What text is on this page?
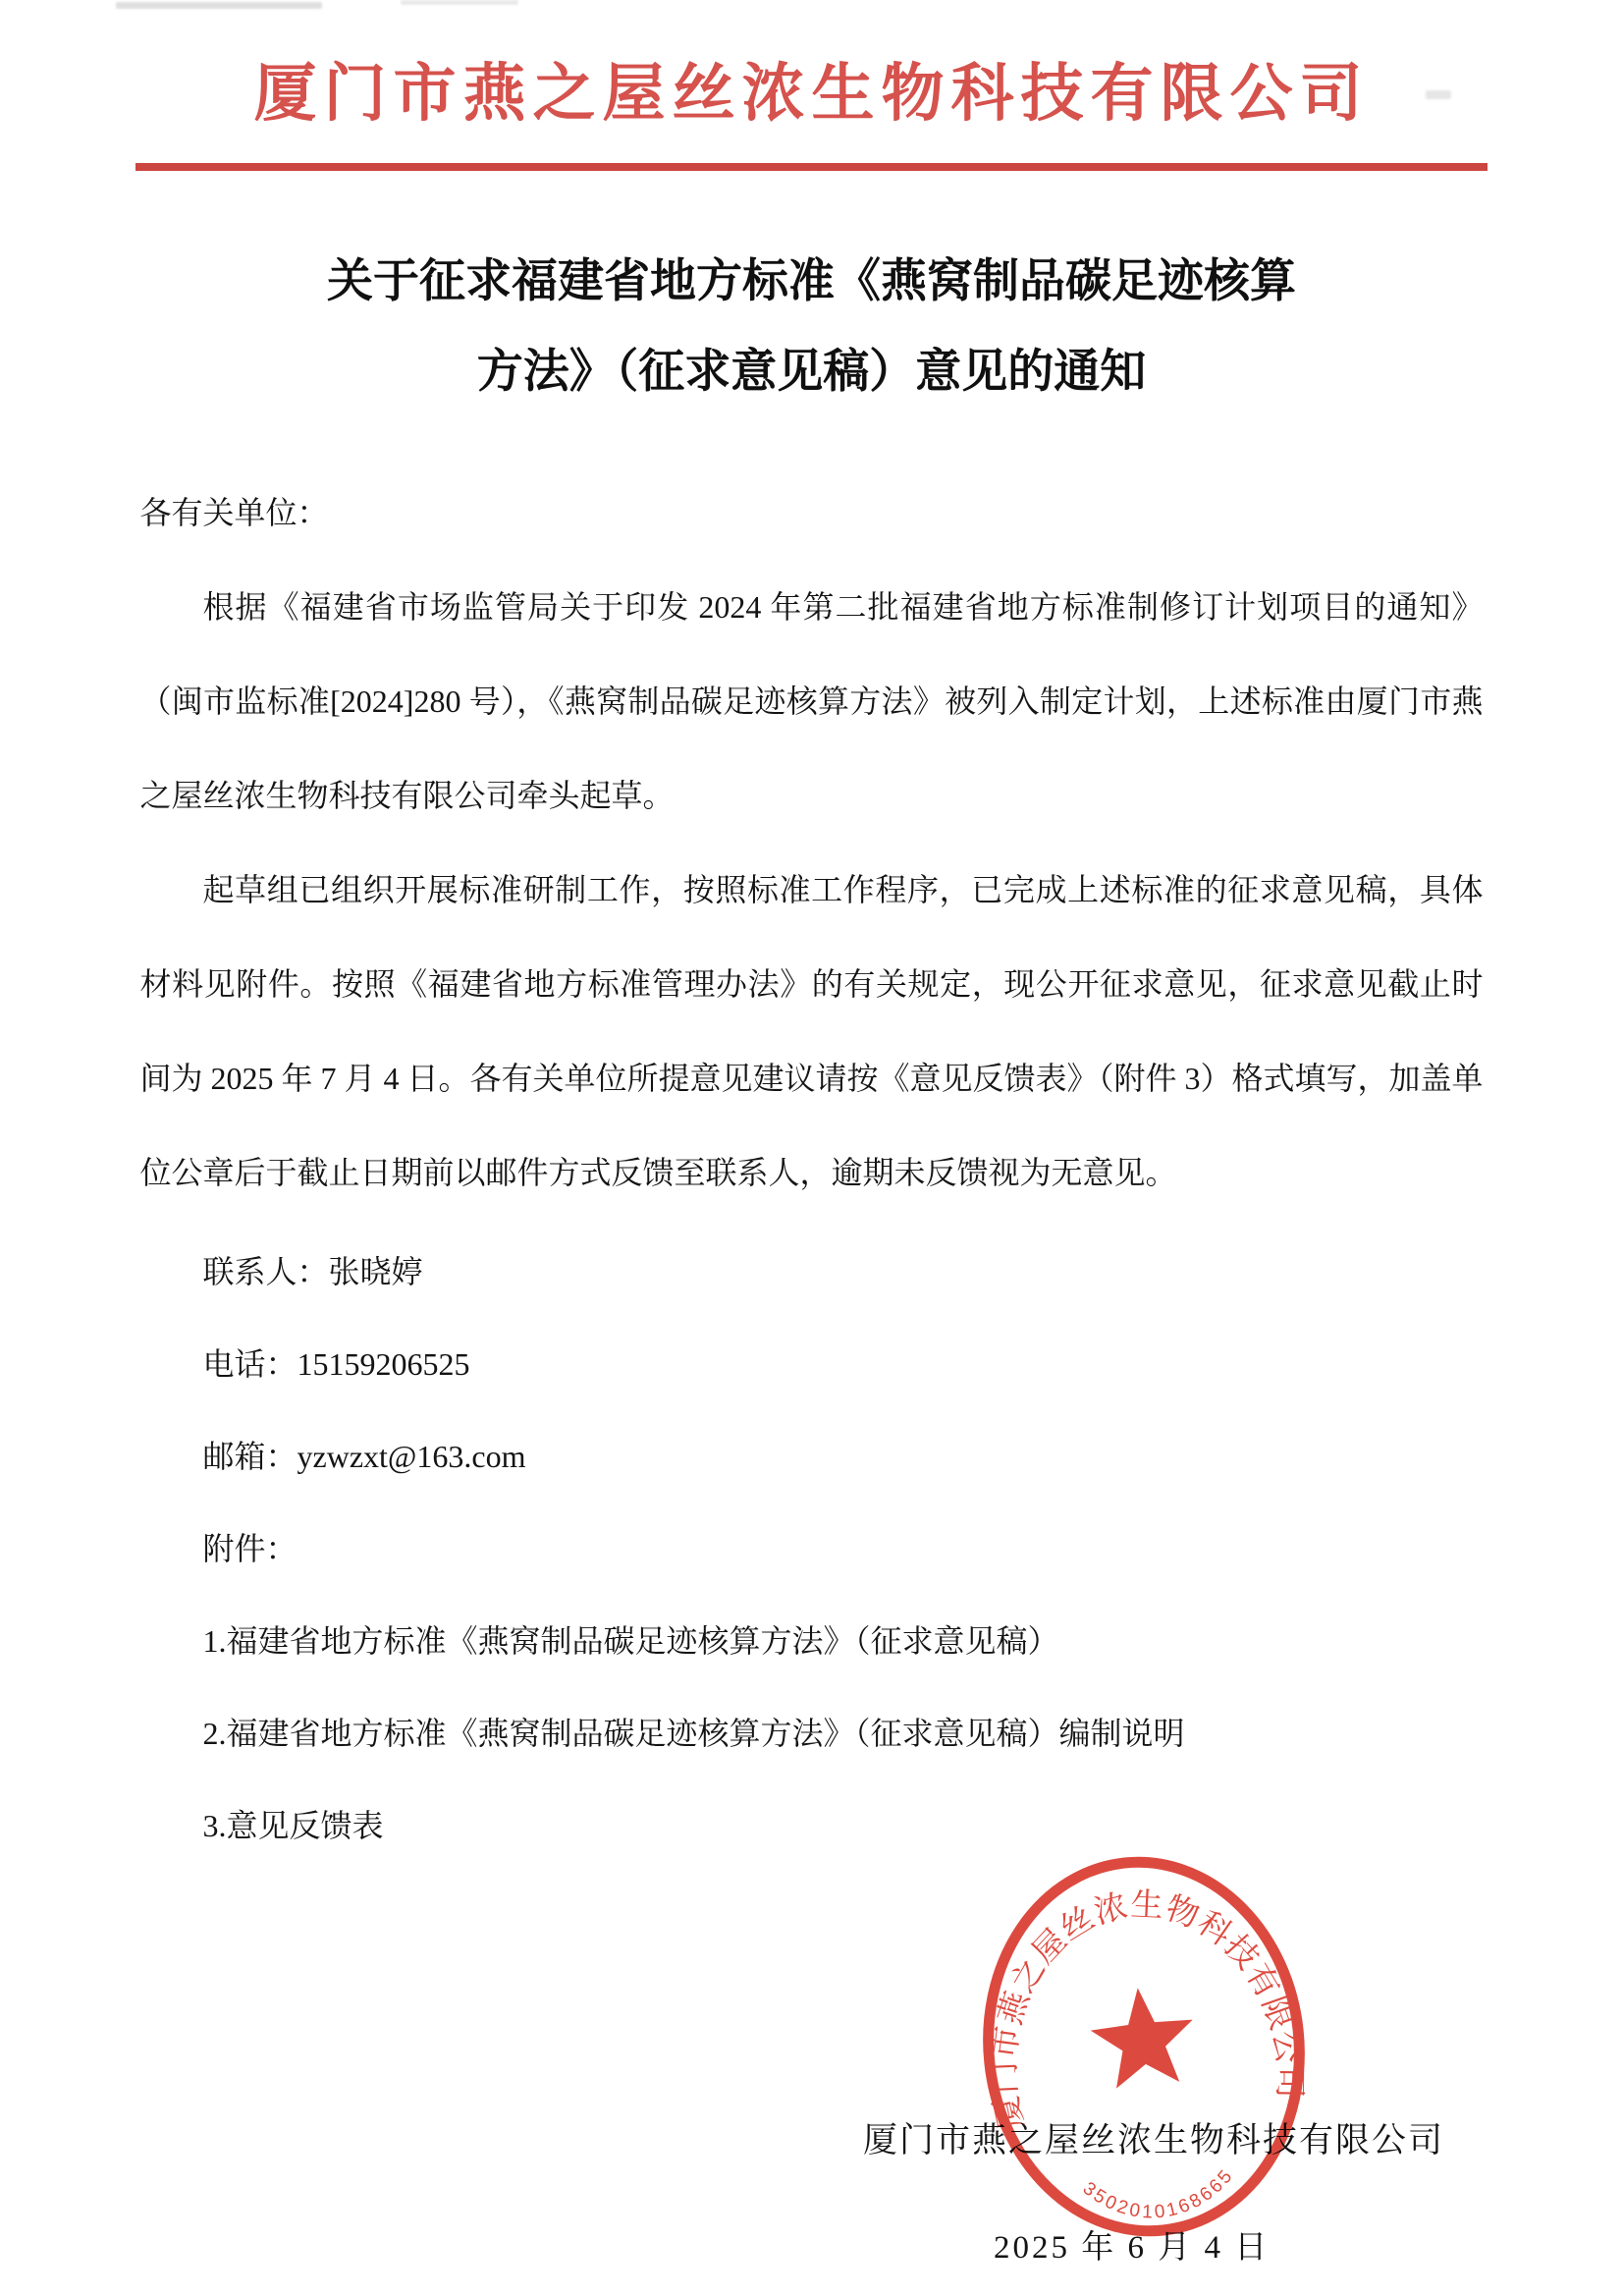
厦门市燕之屋丝浓生物科技有限公司
关于征求福建省地方标准《燕窝制品碳足迹核算
方法》（征求意见稿）意见的通知

各有关单位：

根据《福建省市场监管局关于印发 2024 年第二批福建省地方标准制修订计划项目的通知》（闽市监标准[2024]280 号），《燕窝制品碳足迹核算方法》被列入制定计划，上述标准由厦门市燕之屋丝浓生物科技有限公司牵头起草。

起草组已组织开展标准研制工作，按照标准工作程序，已完成上述标准的征求意见稿，具体材料见附件。按照《福建省地方标准管理办法》的有关规定，现公开征求意见，征求意见截止时间为 2025 年 7 月 4 日。各有关单位所提意见建议请按《意见反馈表》（附件 3）格式填写，加盖单位公章后于截止日期前以邮件方式反馈至联系人，逾期未反馈视为无意见。

联系人：张晓婷

电话：15159206525

邮箱：yzwzxt@163.com

附件：

1.福建省地方标准《燕窝制品碳足迹核算方法》（征求意见稿）

2.福建省地方标准《燕窝制品碳足迹核算方法》（征求意见稿）编制说明

3.意见反馈表

厦门市燕之屋丝浓生物科技有限公司
2025 年 6 月 4 日
厦门市燕之屋丝浓生物科技有限公司
3502010168665
